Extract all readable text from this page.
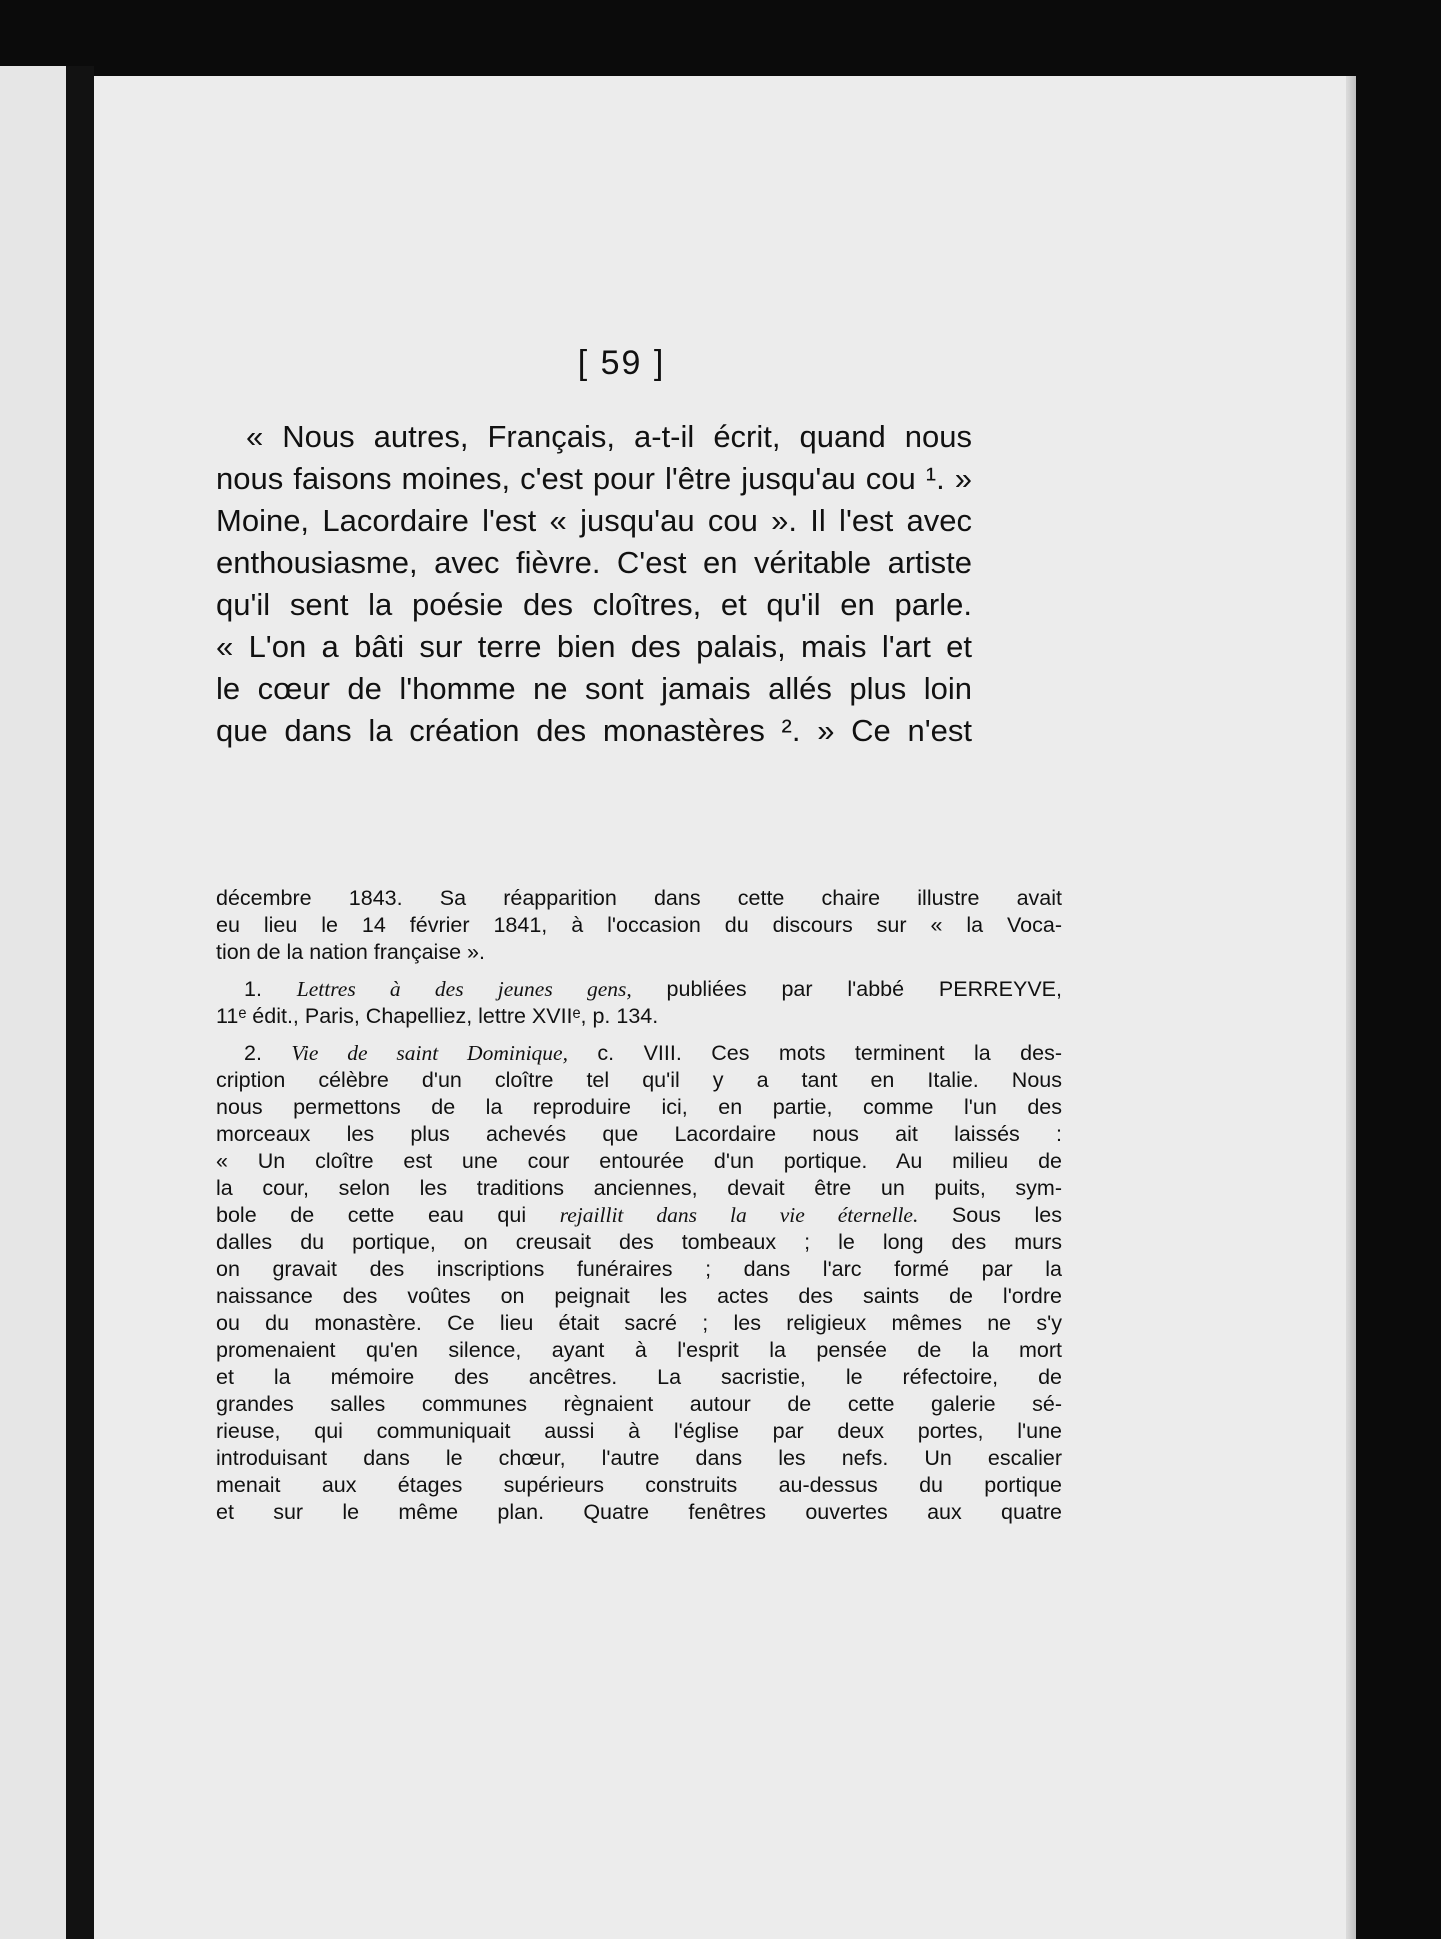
[ 59 ]
« Nous autres, Français, a-t-il écrit, quand nous
nous faisons moines, c'est pour l'être jusqu'au cou ¹. »
Moine, Lacordaire l'est « jusqu'au cou ». Il l'est avec
enthousiasme, avec fièvre. C'est en véritable artiste
qu'il sent la poésie des cloîtres, et qu'il en parle.
« L'on a bâti sur terre bien des palais, mais l'art et
le cœur de l'homme ne sont jamais allés plus loin
que dans la création des monastères ². » Ce n'est
décembre 1843. Sa réapparition dans cette chaire illustre avait
eu lieu le 14 février 1841, à l'occasion du discours sur « la Voca-
tion de la nation française ».
1. Lettres à des jeunes gens, publiées par l'abbé PERREYVE,
11ᵉ édit., Paris, Chapelliez, lettre XVIIᵉ, p. 134.
2. Vie de saint Dominique, c. VIII. Ces mots terminent la des-
cription célèbre d'un cloître tel qu'il y a tant en Italie. Nous
nous permettons de la reproduire ici, en partie, comme l'un des
morceaux les plus achevés que Lacordaire nous ait laissés :
« Un cloître est une cour entourée d'un portique. Au milieu de
la cour, selon les traditions anciennes, devait être un puits, sym-
bole de cette eau qui rejaillit dans la vie éternelle. Sous les
dalles du portique, on creusait des tombeaux ; le long des murs
on gravait des inscriptions funéraires ; dans l'arc formé par la
naissance des voûtes on peignait les actes des saints de l'ordre
ou du monastère. Ce lieu était sacré ; les religieux mêmes ne s'y
promenaient qu'en silence, ayant à l'esprit la pensée de la mort
et la mémoire des ancêtres. La sacristie, le réfectoire, de
grandes salles communes règnaient autour de cette galerie sé-
rieuse, qui communiquait aussi à l'église par deux portes, l'une
introduisant dans le chœur, l'autre dans les nefs. Un escalier
menait aux étages supérieurs construits au-dessus du portique
et sur le même plan. Quatre fenêtres ouvertes aux quatre
